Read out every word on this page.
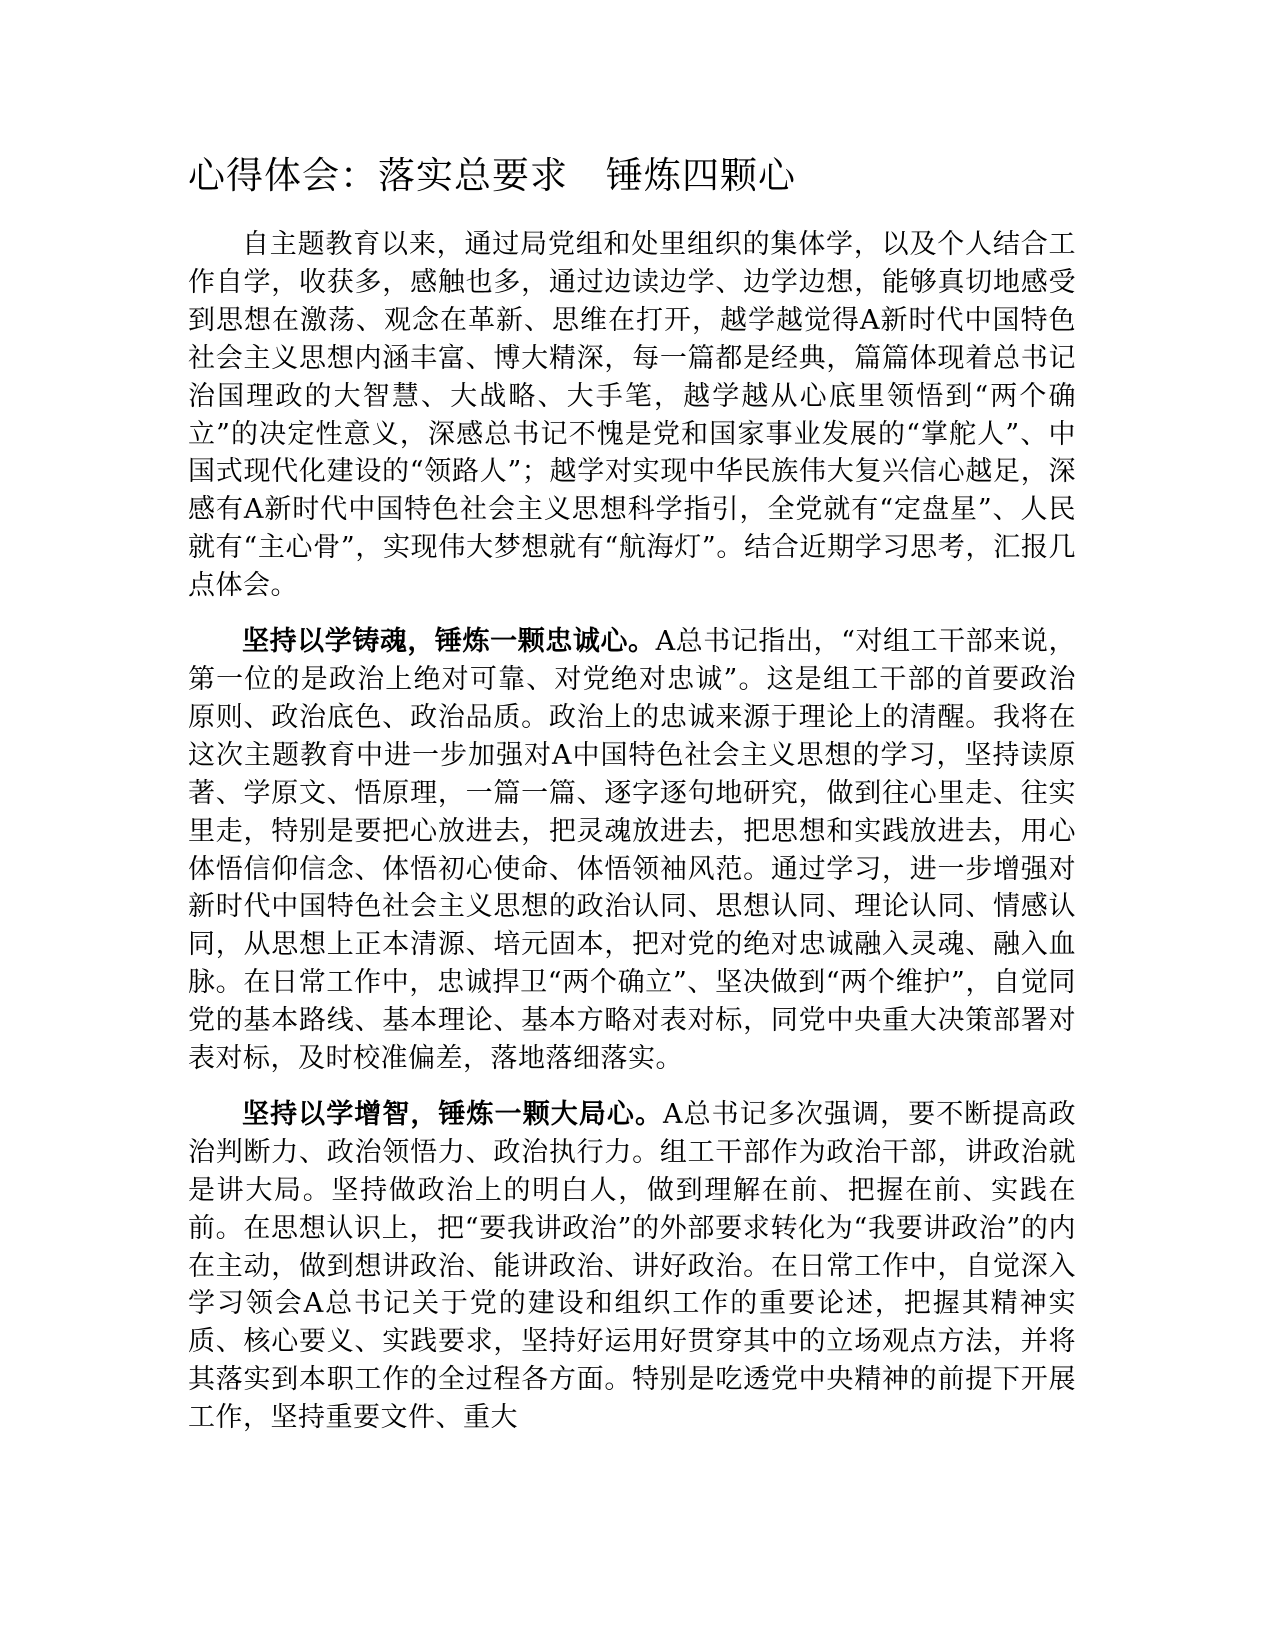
心得体会：落实总要求　锤炼四颗心

自主题教育以来，通过局党组和处里组织的集体学，以及个人结合工作自学，收获多，感触也多，通过边读边学、边学边想，能够真切地感受到思想在激荡、观念在革新、思维在打开，越学越觉得A新时代中国特色社会主义思想内涵丰富、博大精深，每一篇都是经典，篇篇体现着总书记治国理政的大智慧、大战略、大手笔，越学越从心底里领悟到“两个确立”的决定性意义，深感总书记不愧是党和国家事业发展的“掌舵人”、中国式现代化建设的“领路人”；越学对实现中华民族伟大复兴信心越足，深感有A新时代中国特色社会主义思想科学指引，全党就有“定盘星”、人民就有“主心骨”，实现伟大梦想就有“航海灯”。结合近期学习思考，汇报几点体会。

坚持以学铸魂，锤炼一颗忠诚心。A总书记指出，“对组工干部来说，第一位的是政治上绝对可靠、对党绝对忠诚”。这是组工干部的首要政治原则、政治底色、政治品质。政治上的忠诚来源于理论上的清醒。我将在这次主题教育中进一步加强对A中国特色社会主义思想的学习，坚持读原著、学原文、悟原理，一篇一篇、逐字逐句地研究，做到往心里走、往实里走，特别是要把心放进去，把灵魂放进去，把思想和实践放进去，用心体悟信仰信念、体悟初心使命、体悟领袖风范。通过学习，进一步增强对新时代中国特色社会主义思想的政治认同、思想认同、理论认同、情感认同，从思想上正本清源、培元固本，把对党的绝对忠诚融入灵魂、融入血脉。在日常工作中，忠诚捍卫“两个确立”、坚决做到“两个维护”，自觉同党的基本路线、基本理论、基本方略对表对标，同党中央重大决策部署对表对标，及时校准偏差，落地落细落实。

坚持以学增智，锤炼一颗大局心。A总书记多次强调，要不断提高政治判断力、政治领悟力、政治执行力。组工干部作为政治干部，讲政治就是讲大局。坚持做政治上的明白人，做到理解在前、把握在前、实践在前。在思想认识上，把“要我讲政治”的外部要求转化为“我要讲政治”的内在主动，做到想讲政治、能讲政治、讲好政治。在日常工作中，自觉深入学习领会A总书记关于党的建设和组织工作的重要论述，把握其精神实质、核心要义、实践要求，坚持好运用好贯穿其中的立场观点方法，并将其落实到本职工作的全过程各方面。特别是吃透党中央精神的前提下开展工作，坚持重要文件、重大
